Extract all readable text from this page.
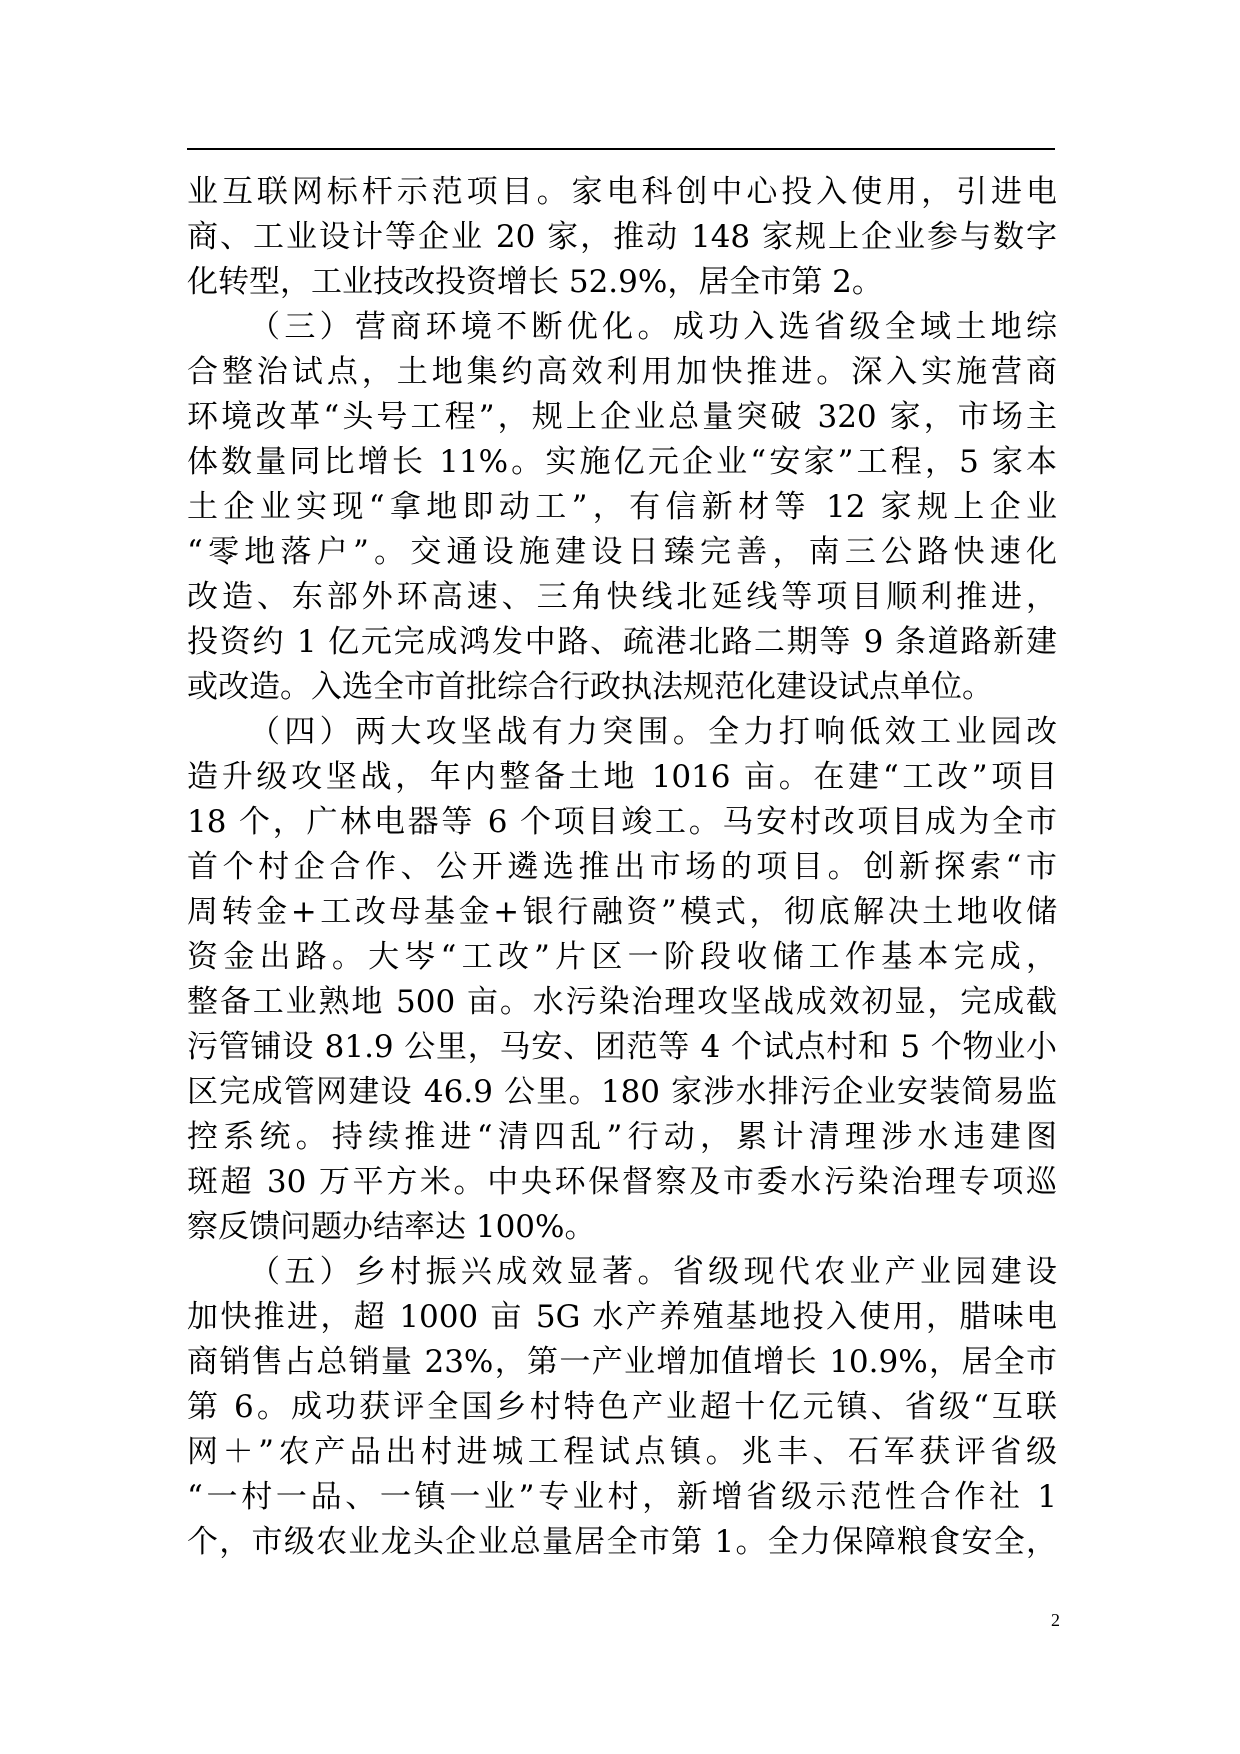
业互联网标杆示范项目。家电科创中心投入使用，引进电
商、工业设计等企业 20 家，推动 148 家规上企业参与数字
化转型，工业技改投资增长 52.9%，居全市第 2。
（三）营商环境不断优化。成功入选省级全域土地综
合整治试点，土地集约高效利用加快推进。深入实施营商
环境改革“头号工程”，规上企业总量突破 320 家，市场主
体数量同比增长 11%。实施亿元企业“安家”工程，5 家本
土企业实现“拿地即动工”，有信新材等 12 家规上企业
“零地落户”。交通设施建设日臻完善，南三公路快速化
改造、东部外环高速、三角快线北延线等项目顺利推进，
投资约 1 亿元完成鸿发中路、疏港北路二期等 9 条道路新建
或改造。入选全市首批综合行政执法规范化建设试点单位。
（四）两大攻坚战有力突围。全力打响低效工业园改
造升级攻坚战，年内整备土地 1016 亩。在建“工改”项目
18 个，广林电器等 6 个项目竣工。马安村改项目成为全市
首个村企合作、公开遴选推出市场的项目。创新探索“市
周转金+工改母基金+银行融资”模式，彻底解决土地收储
资金出路。大岑“工改”片区一阶段收储工作基本完成，
整备工业熟地 500 亩。水污染治理攻坚战成效初显，完成截
污管铺设 81.9 公里，马安、团范等 4 个试点村和 5 个物业小
区完成管网建设 46.9 公里。180 家涉水排污企业安装简易监
控系统。持续推进“清四乱”行动，累计清理涉水违建图
斑超 30 万平方米。中央环保督察及市委水污染治理专项巡
察反馈问题办结率达 100%。
（五）乡村振兴成效显著。省级现代农业产业园建设
加快推进，超 1000 亩 5G 水产养殖基地投入使用，腊味电
商销售占总销量 23%，第一产业增加值增长 10.9%，居全市
第 6。成功获评全国乡村特色产业超十亿元镇、省级“互联
网＋”农产品出村进城工程试点镇。兆丰、石军获评省级
“一村一品、一镇一业”专业村，新增省级示范性合作社 1
个，市级农业龙头企业总量居全市第 1。全力保障粮食安全，
2
